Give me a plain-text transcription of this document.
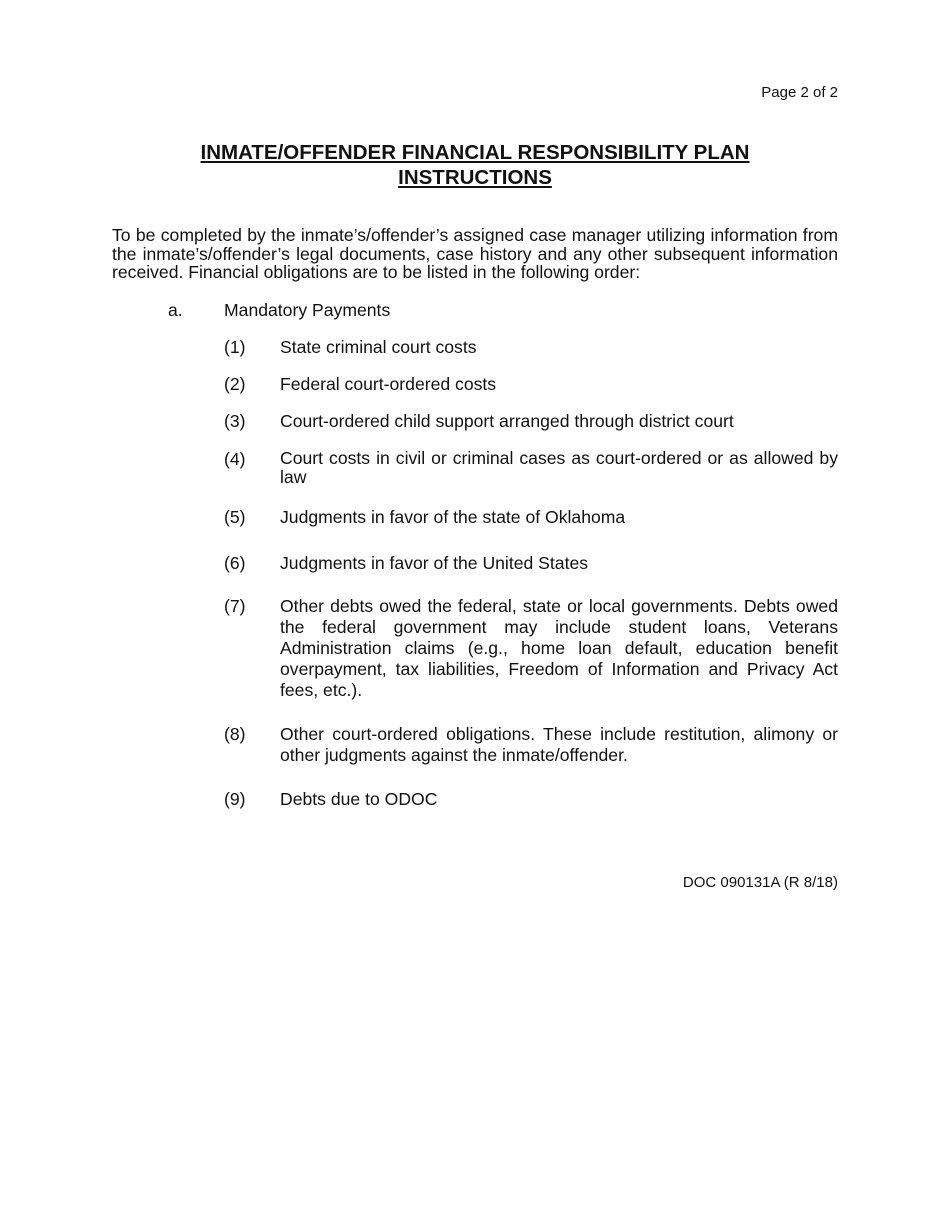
Page 2 of 2
INMATE/OFFENDER FINANCIAL RESPONSIBILITY PLAN
INSTRUCTIONS
To be completed by the inmate’s/offender’s assigned case manager utilizing information from the inmate’s/offender’s legal documents, case history and any other subsequent information received. Financial obligations are to be listed in the following order:
a.	Mandatory Payments
(1)	State criminal court costs
(2)	Federal court-ordered costs
(3)	Court-ordered child support arranged through district court
(4)	Court costs in civil or criminal cases as court-ordered or as allowed by law
(5)	Judgments in favor of the state of Oklahoma
(6)	Judgments in favor of the United States
(7)	Other debts owed the federal, state or local governments. Debts owed the federal government may include student loans, Veterans Administration claims (e.g., home loan default, education benefit overpayment, tax liabilities, Freedom of Information and Privacy Act fees, etc.).
(8)	Other court-ordered obligations. These include restitution, alimony or other judgments against the inmate/offender.
(9)	Debts due to ODOC
DOC 090131A (R 8/18)
